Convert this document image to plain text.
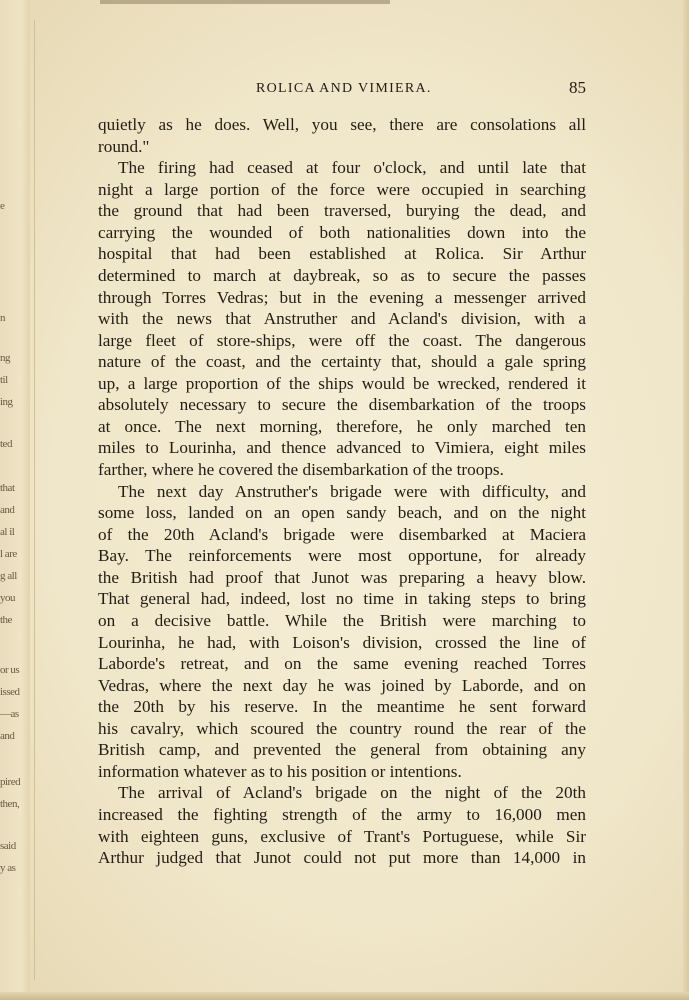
e
n
ng
til
ing
ted
that
and
al il
l are
g all
you
the
or us
issed
—as
and
pired
then,
said
y as
ROLICA AND VIMIERA.	85
quietly as he does. Well, you see, there are consolations all
round."
The firing had ceased at four o'clock, and until late that
night a large portion of the force were occupied in searching
the ground that had been traversed, burying the dead, and
carrying the wounded of both nationalities down into the
hospital that had been established at Rolica. Sir Arthur
determined to march at daybreak, so as to secure the passes
through Torres Vedras; but in the evening a messenger arrived
with the news that Anstruther and Acland's division, with a
large fleet of store-ships, were off the coast. The dangerous
nature of the coast, and the certainty that, should a gale spring
up, a large proportion of the ships would be wrecked, rendered it
absolutely necessary to secure the disembarkation of the troops
at once. The next morning, therefore, he only marched ten
miles to Lourinha, and thence advanced to Vimiera, eight miles
farther, where he covered the disembarkation of the troops.
The next day Anstruther's brigade were with difficulty, and
some loss, landed on an open sandy beach, and on the night
of the 20th Acland's brigade were disembarked at Maciera
Bay. The reinforcements were most opportune, for already
the British had proof that Junot was preparing a heavy blow.
That general had, indeed, lost no time in taking steps to bring
on a decisive battle. While the British were marching to
Lourinha, he had, with Loison's division, crossed the line of
Laborde's retreat, and on the same evening reached Torres
Vedras, where the next day he was joined by Laborde, and on
the 20th by his reserve. In the meantime he sent forward
his cavalry, which scoured the country round the rear of the
British camp, and prevented the general from obtaining any
information whatever as to his position or intentions.
The arrival of Acland's brigade on the night of the 20th
increased the fighting strength of the army to 16,000 men
with eighteen guns, exclusive of Trant's Portuguese, while Sir
Arthur judged that Junot could not put more than 14,000 in
